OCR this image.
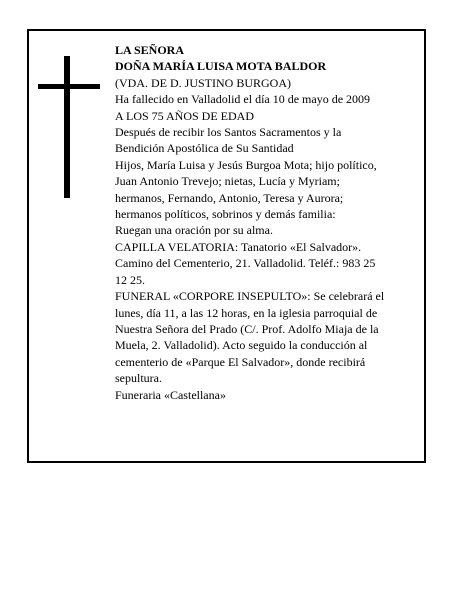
LA SEÑORA
DOÑA MARÍA LUISA MOTA BALDOR
(VDA. DE D. JUSTINO BURGOA)
Ha fallecido en Valladolid el día 10 de mayo de 2009
A LOS 75 AÑOS DE EDAD
Después de recibir los Santos Sacramentos y la
Bendición Apostólica de Su Santidad
Hijos, María Luisa y Jesús Burgoa Mota; hijo político,
Juan Antonio Trevejo; nietas, Lucía y Myriam;
hermanos, Fernando, Antonio, Teresa y Aurora;
hermanos políticos, sobrinos y demás familia:
Ruegan una oración por su alma.
CAPILLA VELATORIA: Tanatorio «El Salvador».
Camino del Cementerio, 21. Valladolid. Teléf.: 983 25
12 25.
FUNERAL «CORPORE INSEPULTO»: Se celebrará el
lunes, día 11, a las 12 horas, en la iglesia parroquial de
Nuestra Señora del Prado (C/. Prof. Adolfo Miaja de la
Muela, 2. Valladolid). Acto seguido la conducción al
cementerio de «Parque El Salvador», donde recibirá
sepultura.
Funeraria «Castellana»
